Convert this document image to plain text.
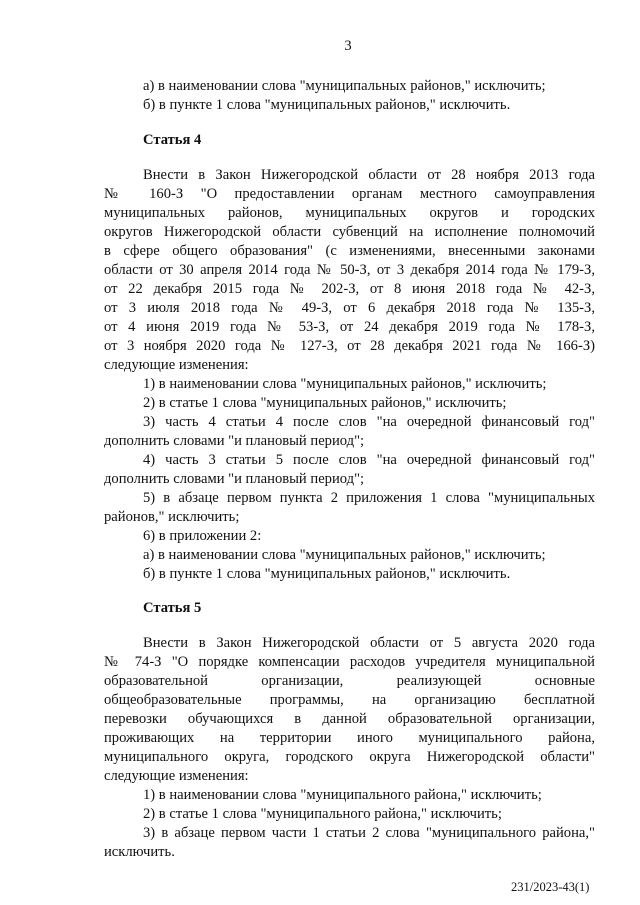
3
а) в наименовании слова "муниципальных районов," исключить;
б) в пункте 1 слова "муниципальных районов," исключить.
Статья 4
Внести в Закон Нижегородской области от 28 ноября 2013 года
№ 160-З "О предоставлении органам местного самоуправления
муниципальных районов, муниципальных округов и городских
округов Нижегородской области субвенций на исполнение полномочий
в сфере общего образования" (с изменениями, внесенными законами
области от 30 апреля 2014 года № 50-З, от 3 декабря 2014 года № 179-З,
от 22 декабря 2015 года № 202-З, от 8 июня 2018 года № 42-З,
от 3 июля 2018 года № 49-З, от 6 декабря 2018 года № 135-З,
от 4 июня 2019 года № 53-З, от 24 декабря 2019 года № 178-З,
от 3 ноября 2020 года № 127-З, от 28 декабря 2021 года № 166-З)
следующие изменения:
1) в наименовании слова "муниципальных районов," исключить;
2) в статье 1 слова "муниципальных районов," исключить;
3) часть 4 статьи 4 после слов "на очередной финансовый год"
дополнить словами "и плановый период";
4) часть 3 статьи 5 после слов "на очередной финансовый год"
дополнить словами "и плановый период";
5) в абзаце первом пункта 2 приложения 1 слова "муниципальных
районов," исключить;
6) в приложении 2:
а) в наименовании слова "муниципальных районов," исключить;
б) в пункте 1 слова "муниципальных районов," исключить.
Статья 5
Внести в Закон Нижегородской области от 5 августа 2020 года
№ 74-З "О порядке компенсации расходов учредителя муниципальной
образовательной организации, реализующей основные
общеобразовательные программы, на организацию бесплатной
перевозки обучающихся в данной образовательной организации,
проживающих на территории иного муниципального района,
муниципального округа, городского округа Нижегородской области"
следующие изменения:
1) в наименовании слова "муниципального района," исключить;
2) в статье 1 слова "муниципального района," исключить;
3) в абзаце первом части 1 статьи 2 слова "муниципального района,"
исключить.
231/2023-43(1)
